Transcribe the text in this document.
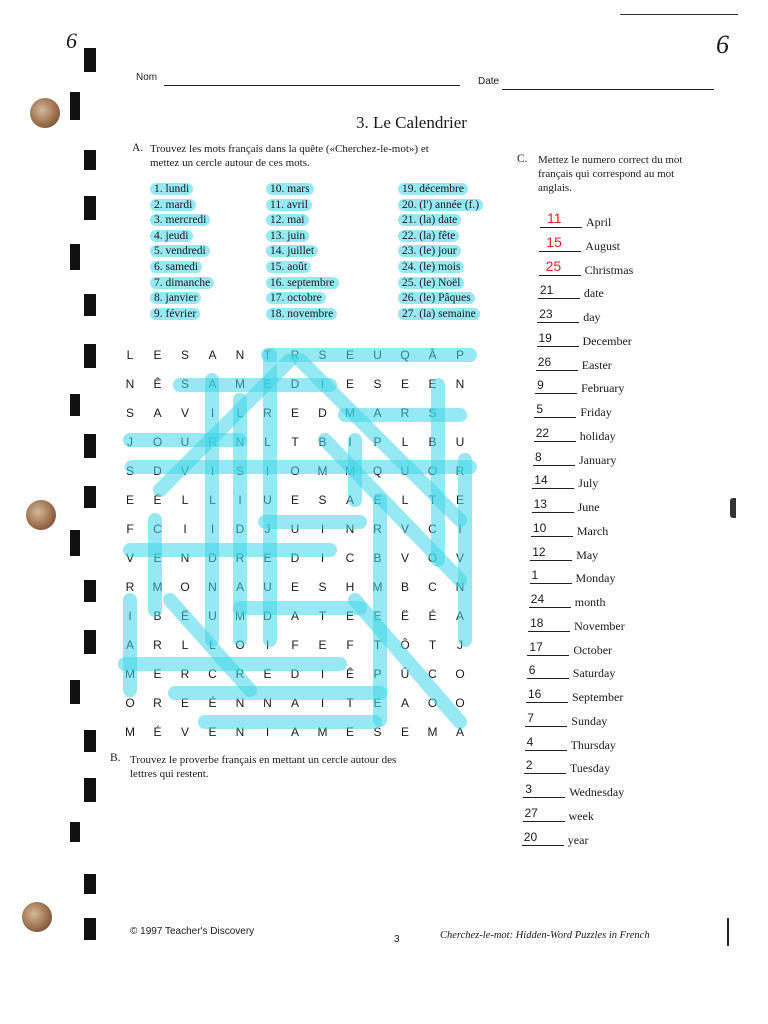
6	6
Nom	Date
3. Le Calendrier
A. Trouvez les mots français dans la quête («Cherchez-le-mot») et mettez un cercle autour de ces mots.
1. lundi
2. mardi
3. mercredi
4. jeudi
5. vendredi
6. samedi
7. dimanche
8. janvier
9. février
10. mars
11. avril
12. mai
13. juin
14. juillet
15. août
16. septembre
17. octobre
18. novembre
19. décembre
20. (l') année (f.)
21. (la) date
22. (la) fête
23. (le) jour
24. (le) mois
25. (le) Noël
26. (le) Pâques
27. (la) semaine
L	E	S	A	N	T	R	S	E	U	Q	Â	P
N	Ê	S	A	M	E	D	I	E	S	E	E	N
S	A	V	I	L	R	E	D	M	A	R	S
J	O	U	R	N	L	T	B	I	P	L	B	U
S	D	V	I	S	I	O	M	M	Q	U	O	R
E	É	L	L	I	U	E	S	A	E	L	T	E
F	C	I	I	D	J	U	I	N	R	V	C	I
V	E	N	D	R	E	D	I	C	B	V	O	V
R	M	O	N	A	U	E	S	H	M	B	C	N
I	B	Ë	U	M	D	A	T	E	E	Ë	É	A
A	R	L	L	O	I	F	E	F	T	Ô	T	J
M	E	R	C	R	E	D	I	Ê	P	Û	C	O
O	R	E	É	N	N	A	I	T	E	A	O	O
M	É	V	E	N	I	A	M	E	S	E	M	A
B. Trouvez le proverbe français en mettant un cercle autour des lettres qui restent.
C. Mettez le numero correct du mot français qui correspond au mot anglais.
11 April
15 August
25 Christmas
21	date
23	day
19	December
26	Easter
9	February
5	Friday
22	holiday
8	January
14	July
13	June
10	March
12	May
1	Monday
24	month
18	November
17	October
6	Saturday
16	September
7	Sunday
4	Thursday
2	Tuesday
3	Wednesday
27	week
20	year
© 1997 Teacher's Discovery
3	Cherchez-le-mot: Hidden-Word Puzzles in French
